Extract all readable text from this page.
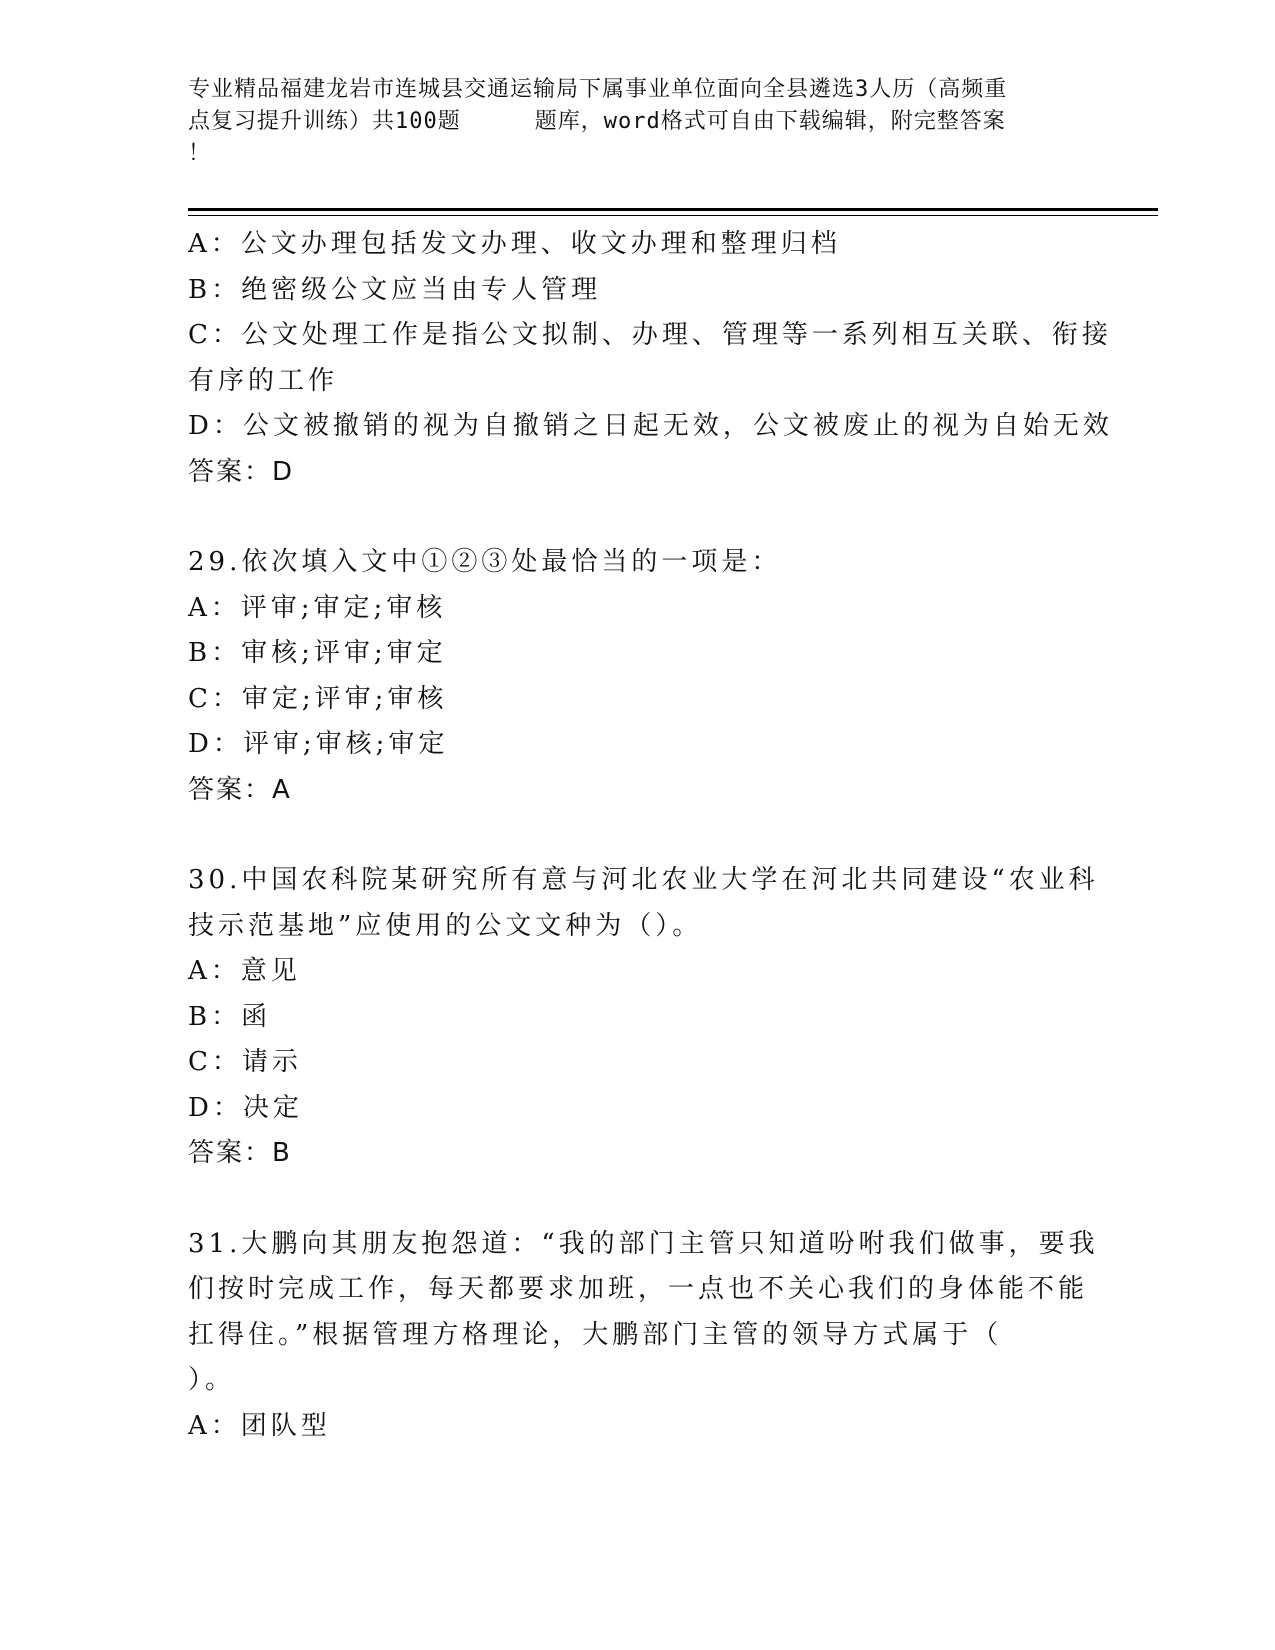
专业精品福建龙岩市连城县交通运输局下属事业单位面向全县遴选3人历（高频重
点复习提升训练）共100题	题库，word格式可自由下载编辑，附完整答案
！
A：公文办理包括发文办理、收文办理和整理归档
B：绝密级公文应当由专人管理
C：公文处理工作是指公文拟制、办理、管理等一系列相互关联、衔接
有序的工作
D：公文被撤销的视为自撤销之日起无效，公文被废止的视为自始无效
答案：D
29.依次填入文中①②③处最恰当的一项是：
A：评审;审定;审核
B：审核;评审;审定
C：审定;评审;审核
D：评审;审核;审定
答案：A
30.中国农科院某研究所有意与河北农业大学在河北共同建设“农业科
技示范基地”应使用的公文文种为（）。
A：意见
B：函
C：请示
D：决定
答案：B
31.大鹏向其朋友抱怨道：“我的部门主管只知道吩咐我们做事，要我
们按时完成工作，每天都要求加班，一点也不关心我们的身体能不能
扛得住。”根据管理方格理论，大鹏部门主管的领导方式属于（
）。
A：团队型
